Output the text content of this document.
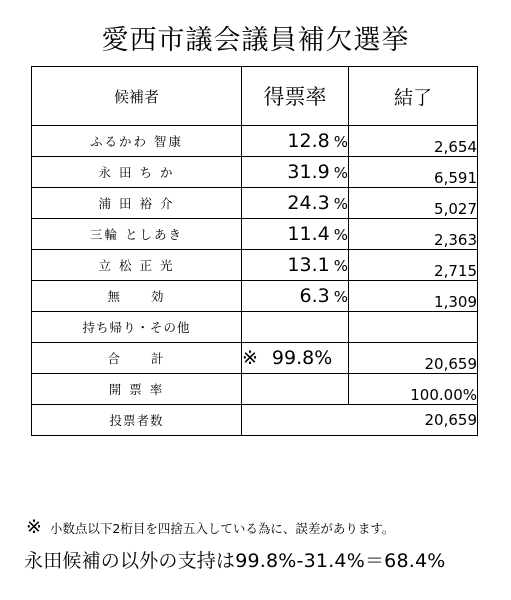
愛西市議会議員補欠選挙
候補者	得票率	結了
ふるかわ 智康	12.8 %	2,654
永 田 ち か	31.9 %	6,591
浦 田 裕 介	24.3 %	5,027
三輪 としあき	11.4 %	2,363
立 松 正 光	13.1 %	2,715
無　　効	6.3 %	1,309
持ち帰り・その他		
合　　計	※ 99.8%	20,659
開 票 率		100.00%
投票者数	20,659	
※ 小数点以下2桁目を四捨五入している為に、誤差があります。
永田候補の以外の支持は99.8%-31.4%＝68.4%
